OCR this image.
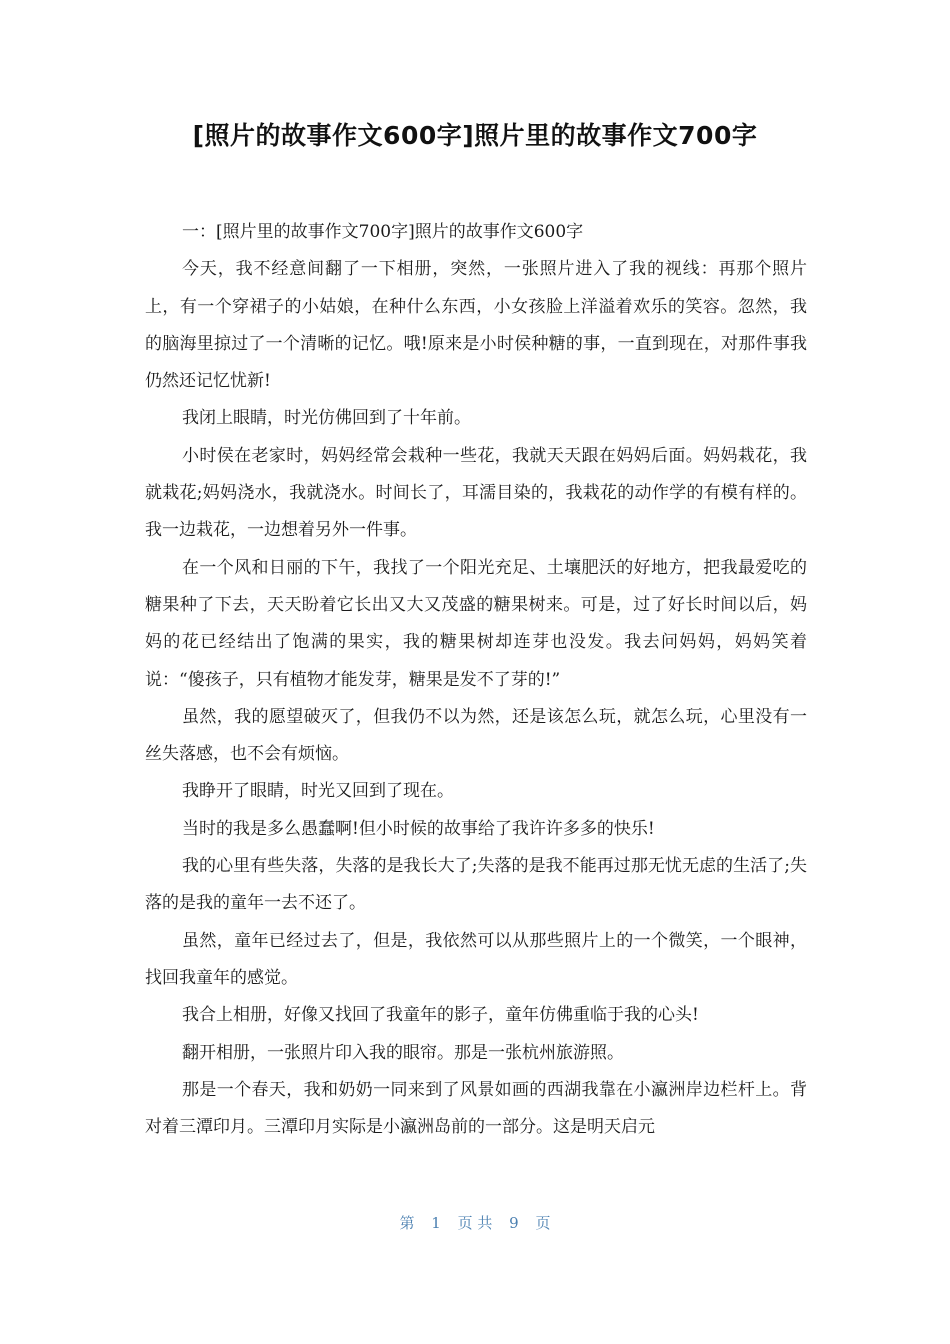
[照片的故事作文600字]照片里的故事作文700字

一：[照片里的故事作文700字]照片的故事作文600字

今天，我不经意间翻了一下相册，突然，一张照片进入了我的视线：再那个照片上，有一个穿裙子的小姑娘，在种什么东西，小女孩脸上洋溢着欢乐的笑容。忽然，我的脑海里掠过了一个清晰的记忆。哦!原来是小时侯种糖的事，一直到现在，对那件事我仍然还记忆忧新!

我闭上眼睛，时光仿佛回到了十年前。

小时侯在老家时，妈妈经常会栽种一些花，我就天天跟在妈妈后面。妈妈栽花，我就栽花;妈妈浇水，我就浇水。时间长了，耳濡目染的，我栽花的动作学的有模有样的。我一边栽花，一边想着另外一件事。

在一个风和日丽的下午，我找了一个阳光充足、土壤肥沃的好地方，把我最爱吃的糖果种了下去，天天盼着它长出又大又茂盛的糖果树来。可是，过了好长时间以后，妈妈的花已经结出了饱满的果实，我的糖果树却连芽也没发。我去问妈妈，妈妈笑着说：“傻孩子，只有植物才能发芽，糖果是发不了芽的!”

虽然，我的愿望破灭了，但我仍不以为然，还是该怎么玩，就怎么玩，心里没有一丝失落感，也不会有烦恼。

我睁开了眼睛，时光又回到了现在。

当时的我是多么愚蠢啊!但小时候的故事给了我许许多多的快乐!

我的心里有些失落，失落的是我长大了;失落的是我不能再过那无忧无虑的生活了;失落的是我的童年一去不还了。

虽然，童年已经过去了，但是，我依然可以从那些照片上的一个微笑，一个眼神，找回我童年的感觉。

我合上相册，好像又找回了我童年的影子，童年仿佛重临于我的心头!

翻开相册，一张照片印入我的眼帘。那是一张杭州旅游照。

那是一个春天，我和奶奶一同来到了风景如画的西湖我靠在小瀛洲岸边栏杆上。背对着三潭印月。三潭印月实际是小瀛洲岛前的一部分。这是明天启元

第 1 页 共 9 页
